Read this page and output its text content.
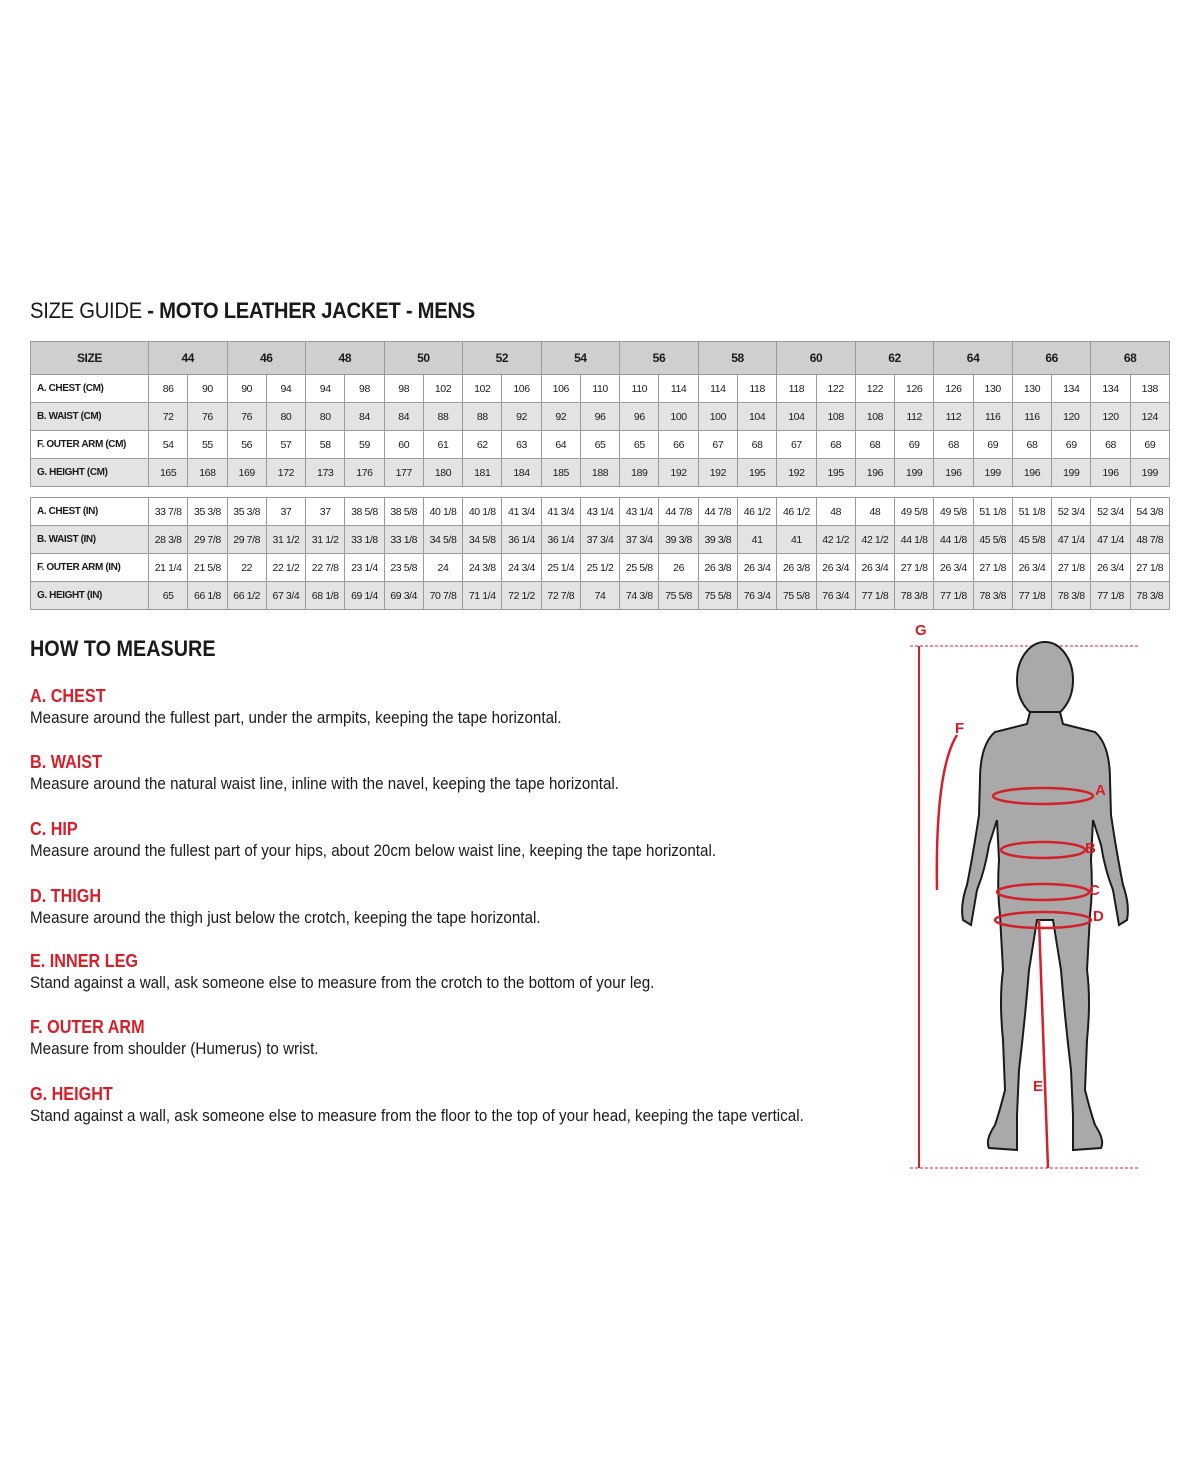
SIZE GUIDE - MOTO LEATHER JACKET - MENS
SIZE	44		46		48		50		52		54		56		58		60		62		64		66		68	
A. CHEST (CM)	86	90	90	94	94	98	98	102	102	106	106	110	110	114	114	118	118	122	122	126	126	130	130	134	134	138
B. WAIST (CM)	72	76	76	80	80	84	84	88	88	92	92	96	96	100	100	104	104	108	108	112	112	116	116	120	120	124
F. OUTER ARM (CM)	54	55	56	57	58	59	60	61	62	63	64	65	65	66	67	68	67	68	68	69	68	69	68	69	68	69
G. HEIGHT (CM)	165	168	169	172	173	176	177	180	181	184	185	188	189	192	192	195	192	195	196	199	196	199	196	199	196	199

A. CHEST (IN)	33 7/8	35 3/8	35 3/8	37	37	38 5/8	38 5/8	40 1/8	40 1/8	41 3/4	41 3/4	43 1/4	43 1/4	44 7/8	44 7/8	46 1/2	46 1/2	48	48	49 5/8	49 5/8	51 1/8	51 1/8	52 3/4	52 3/4	54 3/8
B. WAIST (IN)	28 3/8	29 7/8	29 7/8	31 1/2	31 1/2	33 1/8	33 1/8	34 5/8	34 5/8	36 1/4	36 1/4	37 3/4	37 3/4	39 3/8	39 3/8	41	41	42 1/2	42 1/2	44 1/8	44 1/8	45 5/8	45 5/8	47 1/4	47 1/4	48 7/8
F. OUTER ARM (IN)	21 1/4	21 5/8	22	22 1/2	22 7/8	23 1/4	23 5/8	24	24 3/8	24 3/4	25 1/4	25 1/2	25 5/8	26	26 3/8	26 3/4	26 3/8	26 3/4	26 3/4	27 1/8	26 3/4	27 1/8	26 3/4	27 1/8	26 3/4	27 1/8
G. HEIGHT (IN)	65	66 1/8	66 1/2	67 3/4	68 1/8	69 1/4	69 3/4	70 7/8	71 1/4	72 1/2	72 7/8	74	74 3/8	75 5/8	75 5/8	76 3/4	75 5/8	76 3/4	77 1/8	78 3/8	77 1/8	78 3/8	77 1/8	78 3/8	77 1/8	78 3/8
HOW TO MEASURE
A. CHEST
Measure around the fullest part, under the armpits, keeping the tape horizontal.
B. WAIST
Measure around the natural waist line, inline with the navel, keeping the tape horizontal.
C. HIP
Measure around the fullest part of your hips, about 20cm below waist line, keeping the tape horizontal.
D. THIGH
Measure around the thigh just below the crotch, keeping the tape horizontal.
E. INNER LEG
Stand against a wall, ask someone else to measure from the crotch to the bottom of your leg.
F. OUTER ARM
Measure from shoulder (Humerus) to wrist.
G. HEIGHT
Stand against a wall, ask someone else to measure from the floor to the top of your head, keeping the tape vertical.
G
F
A
B
C
D
E
